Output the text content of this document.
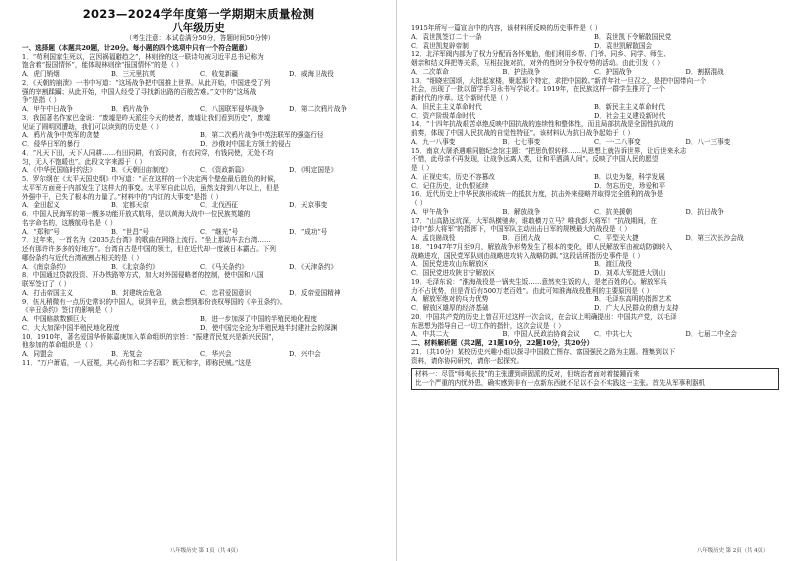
2023—2024学年度第一学期期末质量检测
八年级历史
（考生注意：本试卷满分50分，答题时间50分钟）
一、选择题（本题共20题，计20分。每小题的四个选项中只有一个符合题意）
1．“苟利国家生死以，岂因祸福避趋之”，林则徐的这一联诗句被习近平总书记称为
饱含着“报国情怀”，能体现林则徐“报国情怀”的是（ ）
A．虎门销烟	B．三元里抗英	C．收复新疆	D．威海卫战役
2．《天朝的崩溃》一书中写道：“这场战争把中国推上世界。从此开始，中国进受了列
强的宰割蹂躏；从此开始，中国人经受了寻找新出路的百般苦难。”文中的“这场战
争”是指（ ）
A．甲午中日战争	B．鸦片战争	C．八国联军侵华战争	D．第二次鸦片战争
3．我国著名作家巴金说：“废墟是昨天派往今天的使者，废墟让我们看到历史”，废墟
见证了圆明园遭劫，我们可以读到的历史是（ ）
A．鸦片战争中英军的贪婪	B．第二次鸦片战争中英法联军的强盗行径
C．侵华日军的暴行	D．沙俄对中国北方领土的侵占
4．“凡天下田，天下人同耕……有田同耕，有饭同食，有衣同穿，有钱同使，无处不均
匀，无人不饱暖也”。此段文字来源于（ ）
A．《中华民国临时约法》	B．《天朝田亩制度》	C．《资政新篇》	D．《明定国是》
5．罗尔纲在《太平天国史纲》中写道：“正在这样的一个决定两个壁垒最后胜负的时候，
太平军方面竟于内部发生了这样大的事变。太平军自此以后，虽然支持到八年以上，但是
外强中干，已失了根本的力量了。”材料中的“内讧的大事变”是指（ ）
A．金田起义	B．定都天京	C．北伐西征	D．天京事变
6．中国人民海军的第一艘多功能开放式航母，是以黄海大战中一位民族英雄的
名字命名的，这艘航母名是（ ）
A．“郑和”号	B．“世昌”号	C．“继光”号	D．“成功”号
7．过年来，一首名为《2035去台湾》的歌曲在网络上流行。“坐上那动车去台湾……
还有那许许多多的好地方”。台湾自古是中国的领土，但在近代却一度被日本霸占。下列
哪份条约与近代台湾被割占相关的是（ ）
A．《南京条约》	B．《北京条约》	C．《马关条约》	D．《天津条约》
8．中国通过贷款投资、开办铁路等方式，加大对外国侵略者的控制，使中国和八国
联军签订了（ ）
A．打击帝国主义	B．封建统治危急	C．忠君爱国意识	D．反帝爱国精神
9．伍凡稍微有一点历史常识的中国人，说到辛丑，就会想到那份丧权辱国的《辛丑条约》。
《辛丑条约》签订的影响是（ ）
A．中国赔款数额巨大	B．进一步加深了中国的半殖民地化程度
C．大大加深中国半殖民地化程度	D．使中国完全沦为半殖民地半封建社会的深渊
10．1910年，著名爱国华侨陈嘉庚加入革命组织的宗旨：“振建青民复兴是新兴民国”，
他参加的革命组织是（ ）
A．同盟会	B．光复会	C．华兴会	D．兴中会
11．“万户萧盾，一人冠冕，其心尚有和二字否耶？既无和字，即称民贼。”这是
八年级历史 第 1页（共 4页）
1915年所写一篇宣言中的内容，该材料所反映的历史事件是（ ）
A．袁世凯签订二十一条	B．袁世凯下令解散国民党
C．袁世凯复辟帝制	D．袁世凯解散国会
12．北洋军阀内部为了权力分配而各怀鬼胎，他们利用乡帮、门爷、同乡、同学、师生、
姻亲和结义拜把等关系，互相拉拢对抗，对外的性时分争权夺势的活动。由此引发（ ）
A．二次革命	B．护法战争	C．护国战争	D．割据混战
13．“细晓宏国颂，大批起家楼，聚起那个特定，求把中国救。”新青年社一旦召之，是把中国带向一个
社会，出现了一批以留学手习永书写学说才。1919年，在民族这样一群学生推开了一个
新时代的序章。这个新时代是（ ）
A．旧民主主义革命时代	B．新民主主义革命时代
C．资产阶级革命时代	D．社会主义建设新时代
14．“十四年抗战艰苦卓绝反映中国抗战的连续性和整体性，而且局部抗战是全国性抗战的
前奏，体现了中国人民抗战的自觉性特征”。该材料认为抗日战争起始于（ ）
A．九一八事变	B．七七事变	C．一·二八事变	D．八一三事变
15．南京大屠杀遇难同胞纪念馆主题：“把思仇恨转移……从思想上就告诉世界，让后世来永志
不惜，此母亲不再发现，让战争远离人类，让和平洒满人间”。反映了中国人民的愿望
是（ ）
A．正视史实，历史不容篡改	B．以史为鉴，科学发展
C．记住历史，让仇恨延续	D．勿忘历史，珍爱和平
16．近代历史上中华民族形成统一的抵抗力度，抗击外来侵略并取得完全胜利的战争是
（ ）
A．甲午战争	B．解放战争	C．抗美援朝	D．抗日战争
17．“山高路远坑深，大军纵横驰奔，谁敢横刀立马？唯我彭大将军！”抗战期间，在
诗中“彭大将军”的指挥下，中国军队主动出击日军的规模最大的战役是（ ）
A．孟良崮战役	B．百团大战	C．平型关大捷	D．第三次长沙会战
18．“1947年7月至9月，解放战争形势发生了根本的变化，即人民解放军由被动防御转入
战略进攻，国民党军队则由战略进攻转入战略防御。”这段话所指历史事件是（ ）
A．国民党进攻山东解放区	B．渡江战役
C．国民党进攻陕甘宁解放区	D．刘邓大军挺进大别山
19．毛泽东说：“淮海战役是一锅夹生饭……意然夹生饭的人，是老百姓的心。解放军兵
力不占优势，但是背后有500万老百姓”。由此可知淮海战役胜利的主要原因是（ ）
A．解放军绝对的兵力优势	B．毛泽东高明的指挥艺术
C．解放区雄厚的经济基础	D．广大人民群众的鼎力支持
20．中国共产党的历史上曾召开过这样一次会议，在会议上明确提出：中国共产党，以毛泽
东思想为指导自己一切工作的指针，这次会议是（ ）
A．中共二大	B．中国人民政治协商会议	C．中共七大	D．七届二中全会
二、材料解析题（共2题，21题10分，22题10分，共20分）
21．（共10分）某校历史兴趣小组以探寻中国救亡图存、富国强民之路为主题。搜集到以下
资料，请你协同研究，请你一起探究。
材料一：尽管“师夷长技”的主张遭到顽固派的反对，但统治者面对着接踵而来
比一个严重的内忧外患，确实感到非有一点新东西就不足以不会不实践这一主张。首先从军事利器机
八年级历史 第 2页（共 4页）
